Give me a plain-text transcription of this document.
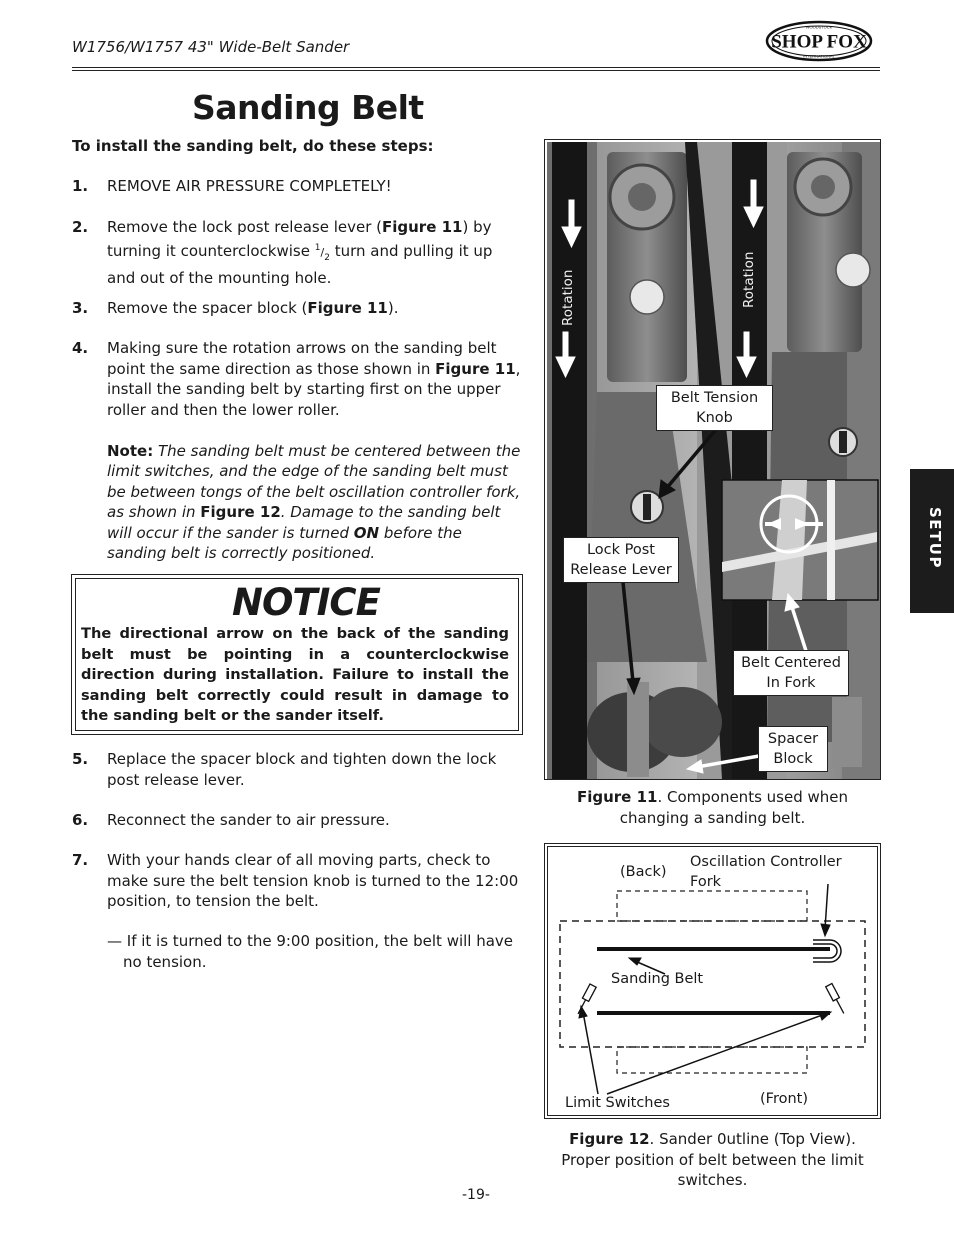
W1756/W1757 43" Wide-Belt Sander	SHOP FOX
WOODSTOCK
INTERNATIONAL
Sanding Belt
To install the sanding belt, do these steps:
1. REMOVE AIR PRESSURE COMPLETELY!
2. Remove the lock post release lever (Figure 11) by turning it counterclockwise $^1/_2$ turn and pulling it up and out of the mounting hole.
3. Remove the spacer block (Figure 11).
4. Making sure the rotation arrows on the sanding belt point the same direction as those shown in Figure 11, install the sanding belt by starting first on the upper roller and then the lower roller.
Note: The sanding belt must be centered between the limit switches, and the edge of the sanding belt must be between tongs of the belt oscillation controller fork, as shown in Figure 12. Damage to the sanding belt will occur if the sander is turned ON before the sanding belt is correctly positioned.
NOTICE
The directional arrow on the back of the sanding belt must be pointing in a counterclockwise direction during installation. Failure to install the sanding belt correctly could result in damage to the sanding belt or the sander itself.
5. Replace the spacer block and tighten down the lock post release lever.
6. Reconnect the sander to air pressure.
7. With your hands clear of all moving parts, check to make sure the belt tension knob is turned to the 12:00 position, to tension the belt.
— If it is turned to the 9:00 position, the belt will have no tension.
Rotation	Rotation
Belt Tension Knob
Lock Post Release Lever
Belt Centered In Fork
Spacer Block
Figure 11. Components used when changing a sanding belt.
(Back)
Oscillation Controller Fork
Sanding Belt
Limit Switches	(Front)
Figure 12. Sander 0utline (Top View). Proper position of belt between the limit switches.
SETUP
-19-
